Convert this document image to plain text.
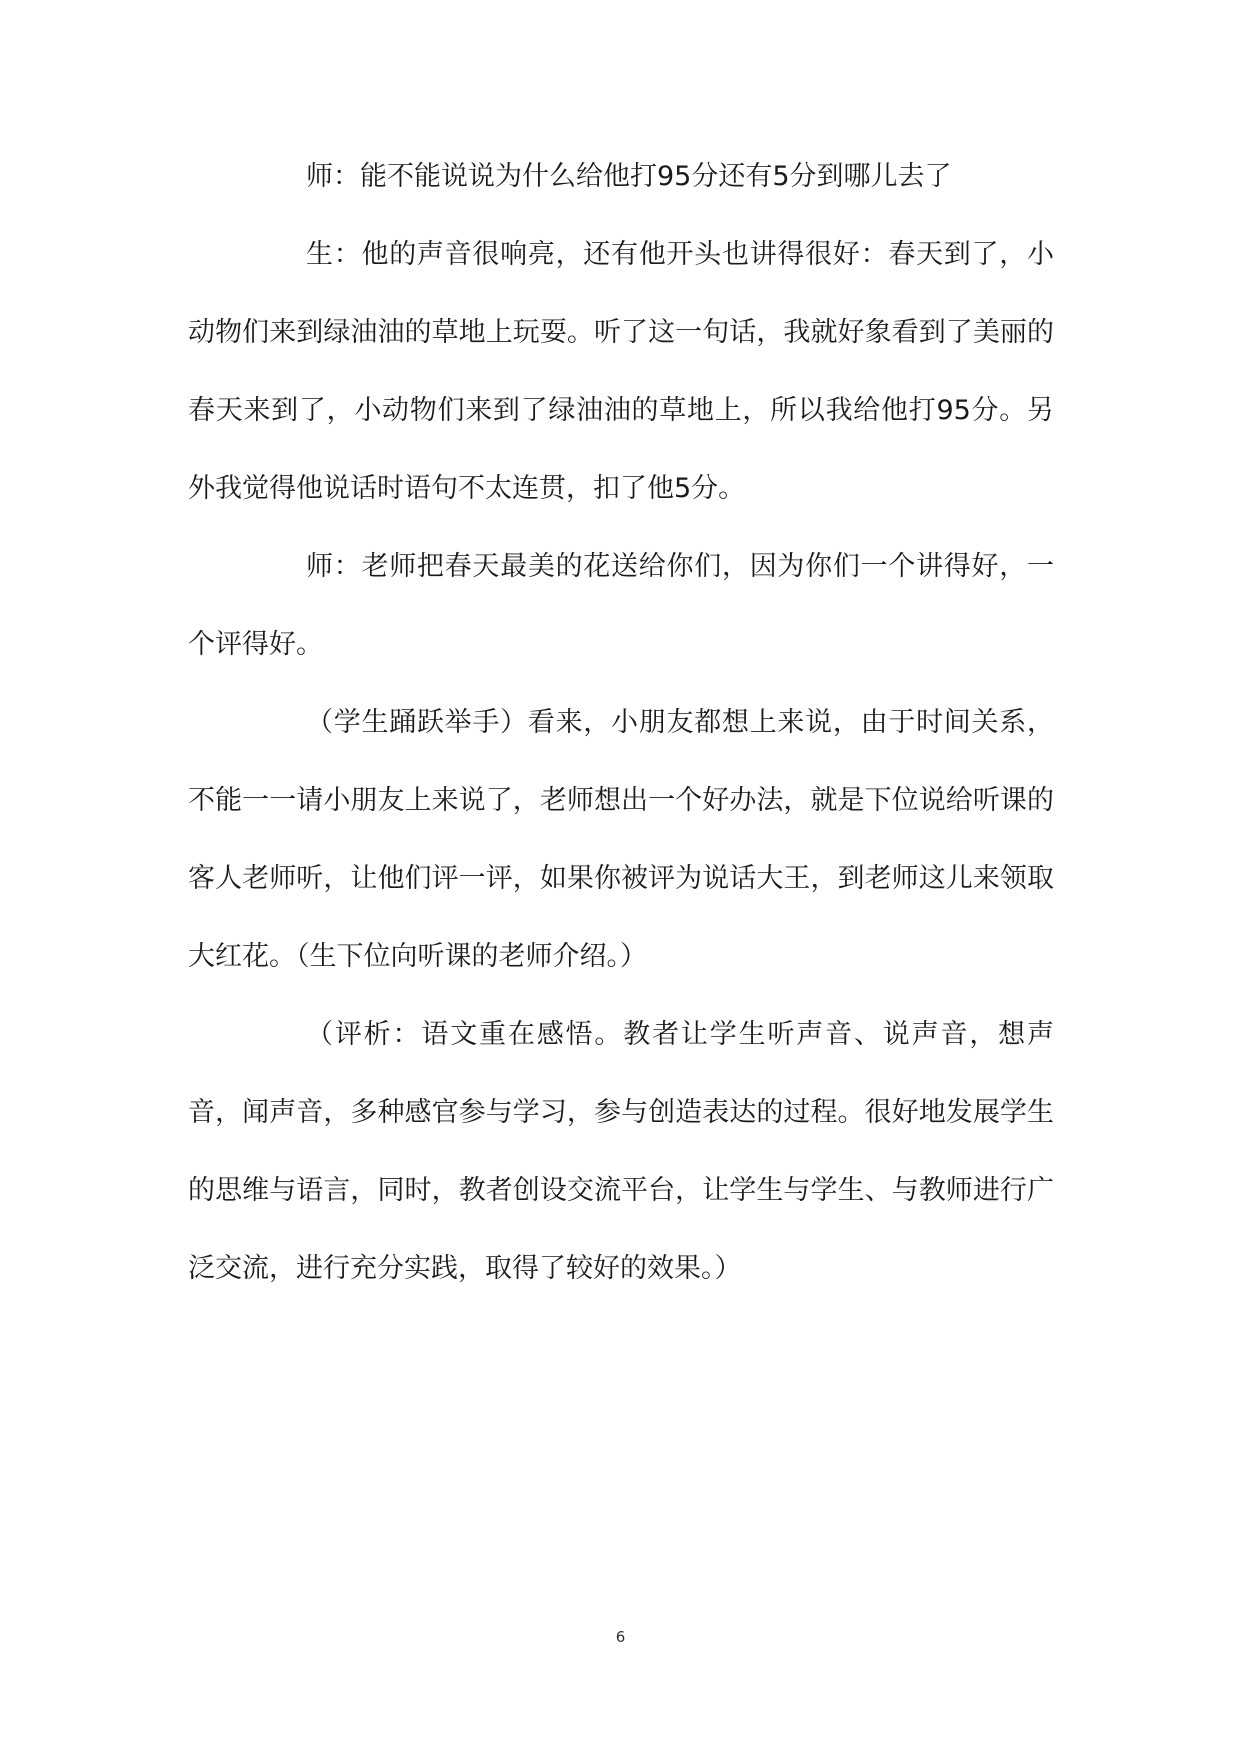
师：能不能说说为什么给他打95分还有5分到哪儿去了

生：他的声音很响亮，还有他开头也讲得很好：春天到了，小动物们来到绿油油的草地上玩耍。听了这一句话，我就好象看到了美丽的春天来到了，小动物们来到了绿油油的草地上，所以我给他打95分。另外我觉得他说话时语句不太连贯，扣了他5分。

师：老师把春天最美的花送给你们，因为你们一个讲得好，一个评得好。

（学生踊跃举手）看来，小朋友都想上来说，由于时间关系，不能一一请小朋友上来说了，老师想出一个好办法，就是下位说给听课的客人老师听，让他们评一评，如果你被评为说话大王，到老师这儿来领取大红花。（生下位向听课的老师介绍。）

（评析：语文重在感悟。教者让学生听声音、说声音，想声音，闻声音，多种感官参与学习，参与创造表达的过程。很好地发展学生的思维与语言，同时，教者创设交流平台，让学生与学生、与教师进行广泛交流，进行充分实践，取得了较好的效果。）

6
